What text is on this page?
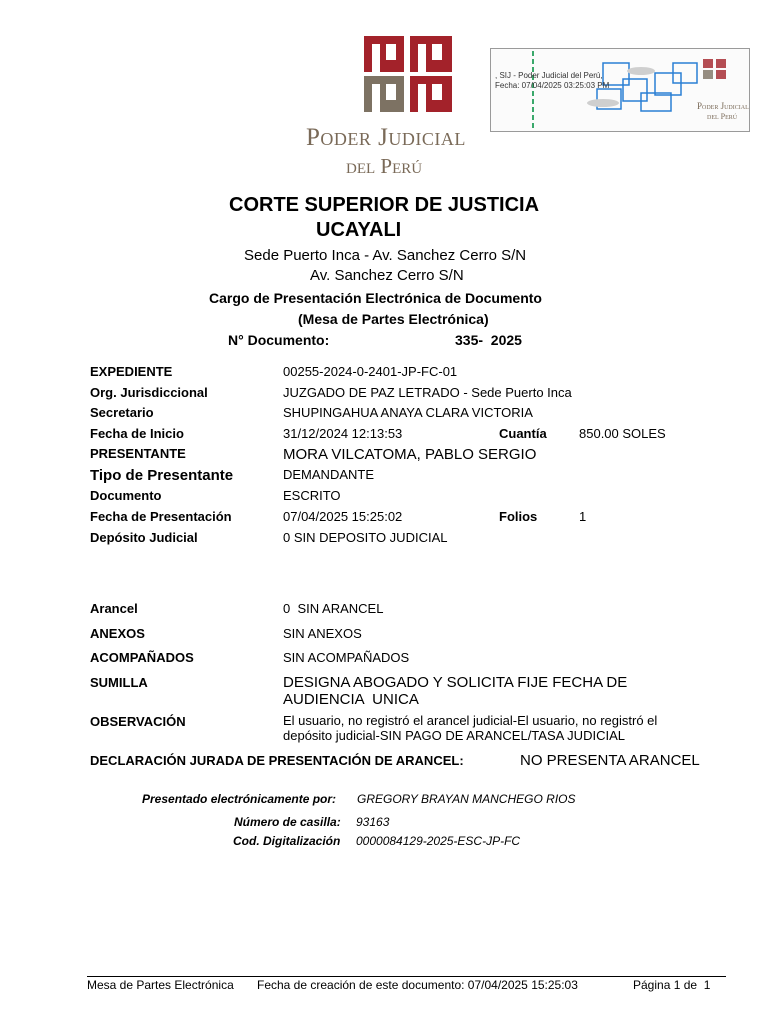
Poder Judicial
del Perú
, SIJ - Poder Judicial del Perú,
Fecha: 07/04/2025 03:25:03 PM
Poder Judicial
del Perú
CORTE SUPERIOR DE JUSTICIA
UCAYALI
Sede Puerto Inca - Av. Sanchez Cerro S/N
Av. Sanchez Cerro S/N
Cargo de Presentación Electrónica de Documento
(Mesa de Partes Electrónica)
N° Documento:	335-  2025
EXPEDIENTE	00255-2024-0-2401-JP-FC-01
Org. Jurisdiccional	JUZGADO DE PAZ LETRADO - Sede Puerto Inca
Secretario	SHUPINGAHUA ANAYA CLARA VICTORIA
Fecha de Inicio	31/12/2024 12:13:53	Cuantía 850.00 SOLES
PRESENTANTE	MORA VILCATOMA, PABLO SERGIO
Tipo de Presentante	DEMANDANTE
Documento	ESCRITO
Fecha de Presentación	07/04/2025 15:25:02	Folios	1
Depósito Judicial	0 SIN DEPOSITO JUDICIAL
Arancel	0  SIN ARANCEL
ANEXOS	SIN ANEXOS
ACOMPAÑADOS	SIN ACOMPAÑADOS
SUMILLA	DESIGNA ABOGADO Y SOLICITA FIJE FECHA DE
AUDIENCIA  UNICA
OBSERVACIÓN	El usuario, no registró el arancel judicial-El usuario, no registró el
depósito judicial-SIN PAGO DE ARANCEL/TASA JUDICIAL
DECLARACIÓN JURADA DE PRESENTACIÓN DE ARANCEL:	NO PRESENTA ARANCEL
Presentado electrónicamente por: GREGORY BRAYAN MANCHEGO RIOS
Número de casilla: 93163
Cod. Digitalización 0000084129-2025-ESC-JP-FC
Mesa de Partes Electrónica Fecha de creación de este documento: 07/04/2025 15:25:03	Página 1 de  1
